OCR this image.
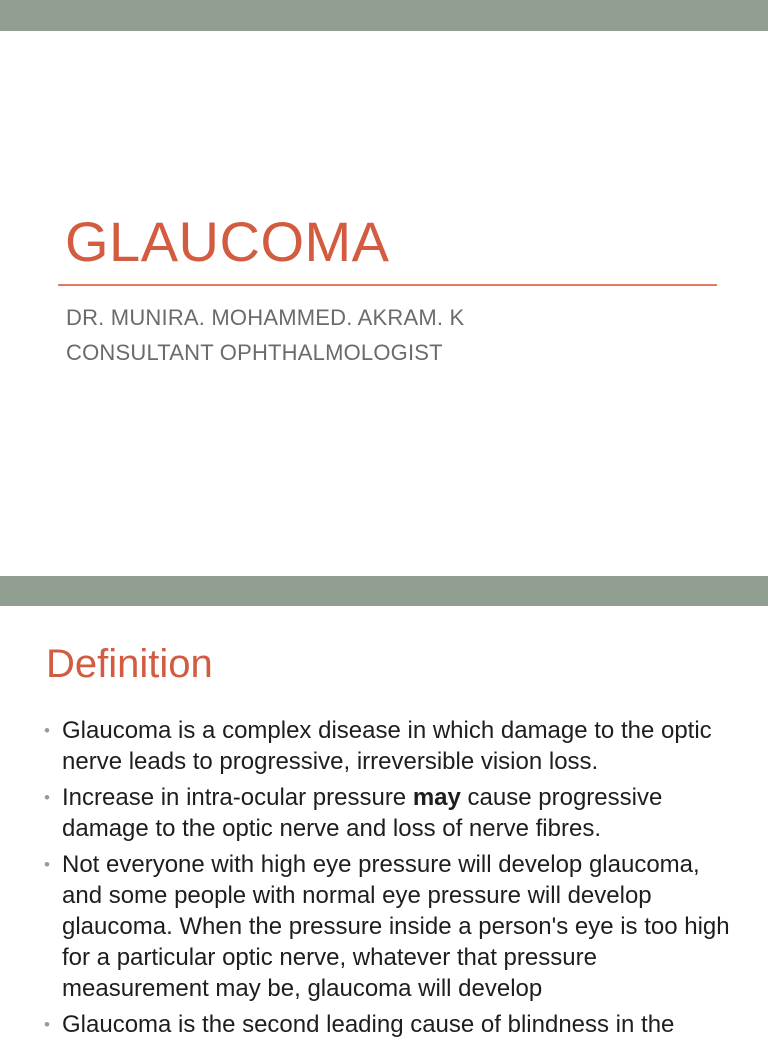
GLAUCOMA
DR. MUNIRA. MOHAMMED. AKRAM. K
CONSULTANT OPHTHALMOLOGIST
Definition
• Glaucoma is a complex disease in which damage to the optic nerve leads to progressive, irreversible vision loss.
• Increase in intra-ocular pressure may cause progressive damage to the optic nerve and loss of nerve fibres.
• Not everyone with high eye pressure will develop glaucoma, and some people with normal eye pressure will develop glaucoma. When the pressure inside a person's eye is too high for a particular optic nerve, whatever that pressure measurement may be, glaucoma will develop
• Glaucoma is the second leading cause of blindness in the
